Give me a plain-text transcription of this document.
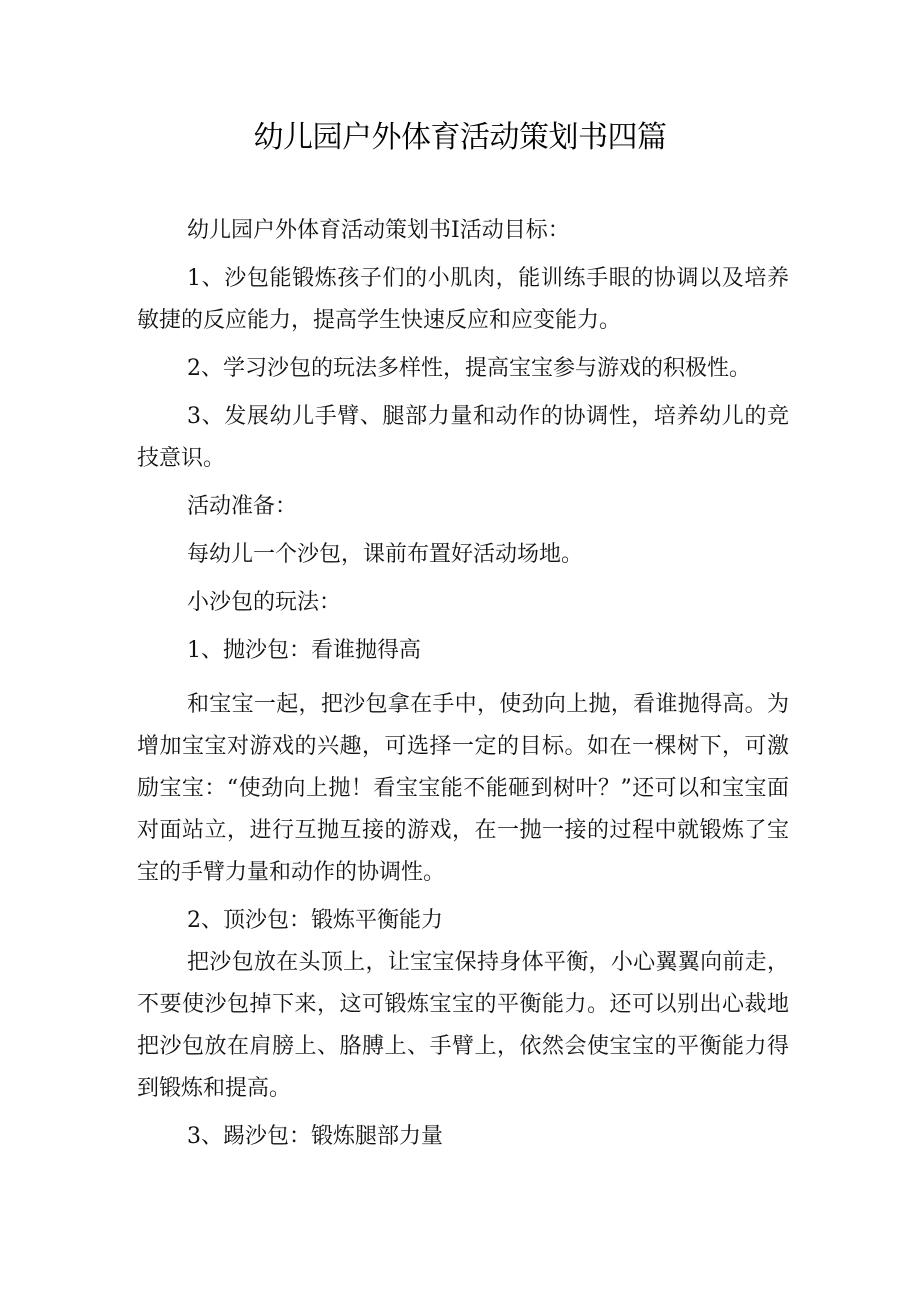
幼儿园户外体育活动策划书四篇

幼儿园户外体育活动策划书I活动目标：

1、沙包能锻炼孩子们的小肌肉，能训练手眼的协调以及培养敏捷的反应能力，提高学生快速反应和应变能力。

2、学习沙包的玩法多样性，提高宝宝参与游戏的积极性。

3、发展幼儿手臂、腿部力量和动作的协调性，培养幼儿的竞技意识。

活动准备：

每幼儿一个沙包，课前布置好活动场地。

小沙包的玩法：

1、抛沙包：看谁抛得高

和宝宝一起，把沙包拿在手中，使劲向上抛，看谁抛得高。为增加宝宝对游戏的兴趣，可选择一定的目标。如在一棵树下，可激励宝宝：“使劲向上抛！看宝宝能不能砸到树叶？”还可以和宝宝面对面站立，进行互抛互接的游戏，在一抛一接的过程中就锻炼了宝宝的手臂力量和动作的协调性。

2、顶沙包：锻炼平衡能力

把沙包放在头顶上，让宝宝保持身体平衡，小心翼翼向前走，不要使沙包掉下来，这可锻炼宝宝的平衡能力。还可以别出心裁地把沙包放在肩膀上、胳膊上、手臂上，依然会使宝宝的平衡能力得到锻炼和提高。

3、踢沙包：锻炼腿部力量
